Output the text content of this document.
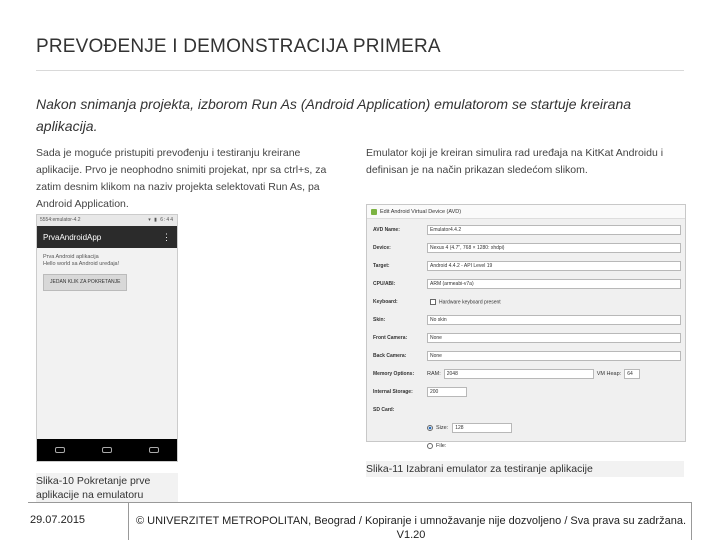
PREVOĐENJE I DEMONSTRACIJA PRIMERA
Nakon snimanja projekta, izborom Run As (Android Application) emulatorom se startuje kreirana aplikacija.
Sada je moguće pristupiti prevođenju i testiranju kreirane aplikacije. Prvo je neophodno snimiti projekat, npr sa ctrl+s, za zatim desnim klikom na naziv projekta selektovati Run As, pa Android Application.
Emulator koji je kreiran simulira rad uređaja na KitKat Androidu i definisan je na način prikazan sledećom slikom.
5554:emulator-4.2	▾ ▮ 6:44
PrvaAndroidApp	⋮
Prva Android aplikacija
Hello world sa Android uređaja!
JEDAN KLIK ZA POKRETANJE
Slika-10 Pokretanje prve aplikacije na emulatoru
Edit Android Virtual Device (AVD)
AVD Name:	Emulator4.4.2
Device:	Nexus 4 (4.7", 768 × 1280: xhdpi)
Target:	Android 4.4.2 - API Level 19
CPU/ABI:	ARM (armeabi-v7a)
Keyboard:	Hardware keyboard present
Skin:	No skin
Front Camera:	None
Back Camera:	None
Memory Options:	RAM:	2048	VM Heap:	64
Internal Storage:	200
SD Card:
Size:	128
File:
Slika-11 Izabrani emulator za testiranje aplikacije
29.07.2015	© UNIVERZITET METROPOLITAN, Beograd / Kopiranje i umnožavanje nije dozvoljeno / Sva prava su zadržana. V1.20
